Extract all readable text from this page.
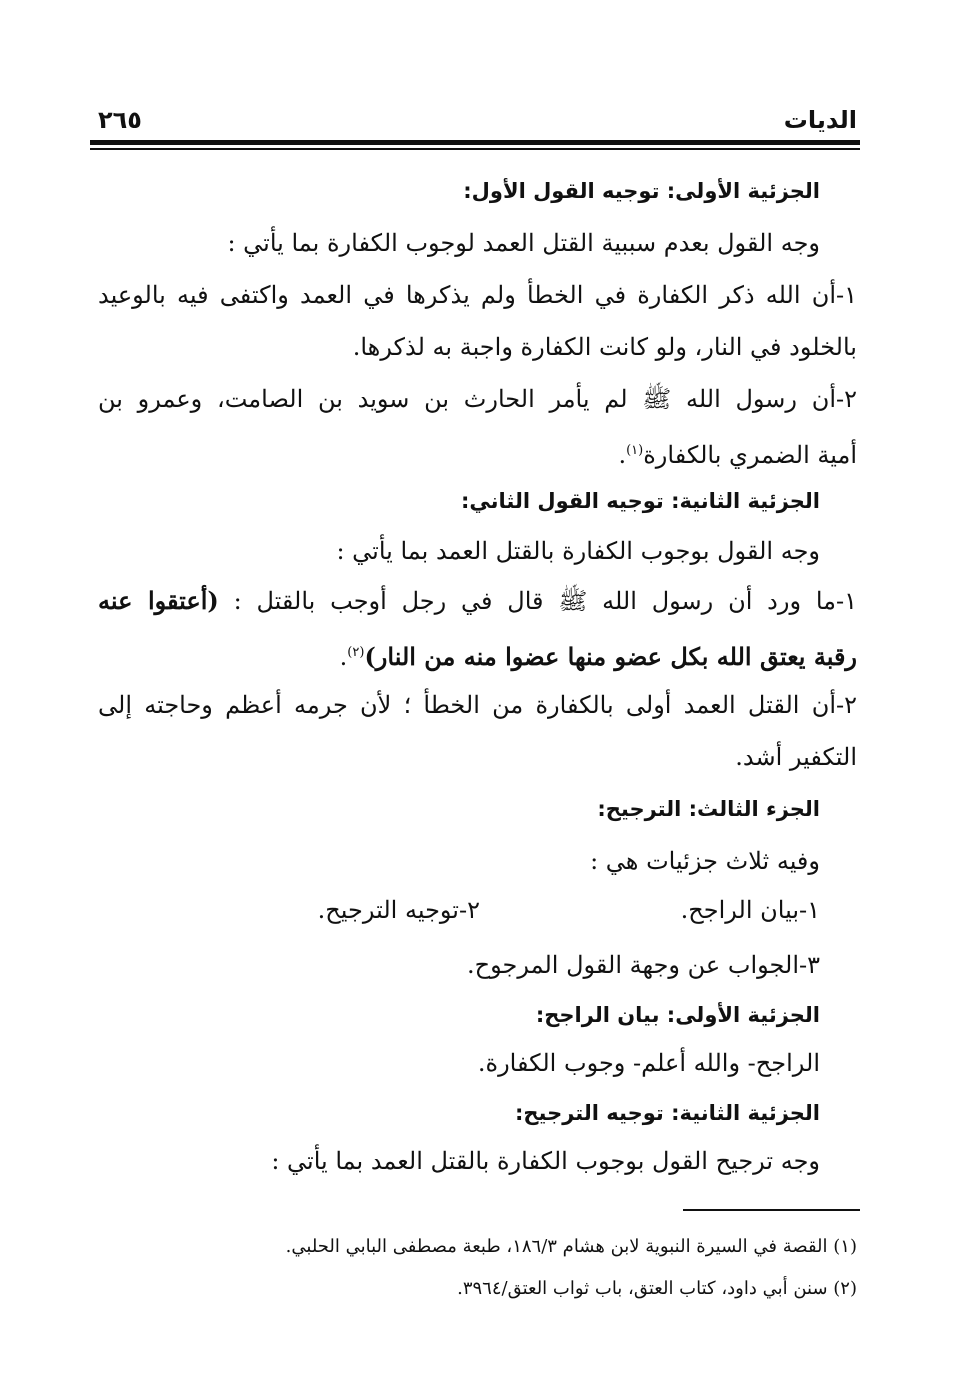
الديات
٢٦٥
الجزئية الأولى: توجيه القول الأول:
وجه القول بعدم سببية القتل العمد لوجوب الكفارة بما يأتي :
١-أن الله ذكر الكفارة في الخطأ ولم يذكرها في العمد واكتفى فيه بالوعيد
بالخلود في النار، ولو كانت الكفارة واجبة به لذكرها.
٢-أن رسول الله ﷺ لم يأمر الحارث بن سويد بن الصامت، وعمرو بن
أمية الضمري بالكفارة$^{(١)}$.
الجزئية الثانية: توجيه القول الثاني:
وجه القول بوجوب الكفارة بالقتل العمد بما يأتي :
١-ما ورد أن رسول الله ﷺ قال في رجل أوجب بالقتل : (أعتقوا عنه
رقبة يعتق الله بكل عضو منها عضوا منه من النار)$^{(٢)}$.
٢-أن القتل العمد أولى بالكفارة من الخطأ ؛ لأن جرمه أعظم وحاجته إلى
التكفير أشد.
الجزء الثالث: الترجيح:
وفيه ثلاث جزئيات هي :
١-بيان الراجح.
٢-توجيه الترجيح.
٣-الجواب عن وجهة القول المرجوح.
الجزئية الأولى: بيان الراجح:
الراجح- والله أعلم- وجوب الكفارة.
الجزئية الثانية: توجيه الترجيح:
وجه ترجيح القول بوجوب الكفارة بالقتل العمد بما يأتي :
(١) القصة في السيرة النبوية لابن هشام ١٨٦/٣، طبعة مصطفى البابي الحلبي.
(٢) سنن أبي داود، كتاب العتق، باب ثواب العتق/٣٩٦٤.
